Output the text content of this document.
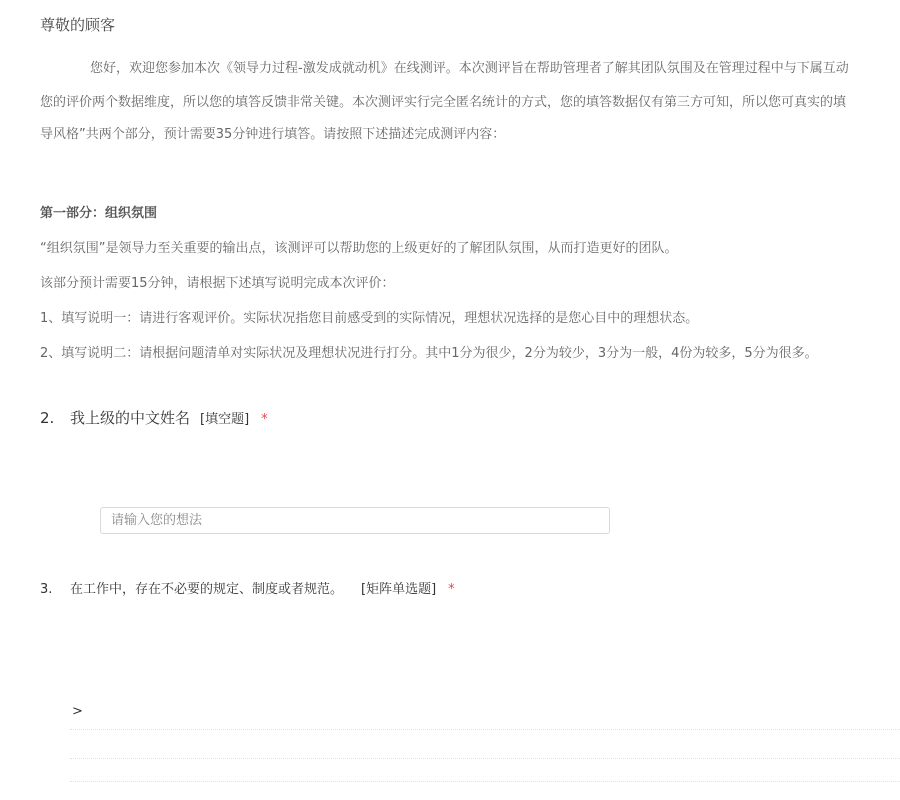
尊敬的顾客
您好，欢迎您参加本次《领导力过程-激发成就动机》在线测评。本次测评旨在帮助管理者了解其团队氛围及在管理过程中与下属互动
您的评价两个数据维度，所以您的填答反馈非常关键。本次测评实行完全匿名统计的方式，您的填答数据仅有第三方可知，所以您可真实的填
导风格”共两个部分，预计需要35分钟进行填答。请按照下述描述完成测评内容：
第一部分：组织氛围
“组织氛围”是领导力至关重要的输出点，该测评可以帮助您的上级更好的了解团队氛围，从而打造更好的团队。
该部分预计需要15分钟，请根据下述填写说明完成本次评价：
1、填写说明一：请进行客观评价。实际状况指您目前感受到的实际情况，理想状况选择的是您心目中的理想状态。
2、填写说明二：请根据问题清单对实际状况及理想状况进行打分。其中1分为很少，2分为较少，3分为一般，4份为较多，5分为很多。
2. 我上级的中文姓名 [填空题] *
请输入您的想法
3. 在工作中，存在不必要的规定、制度或者规范。 [矩阵单选题] *
>
